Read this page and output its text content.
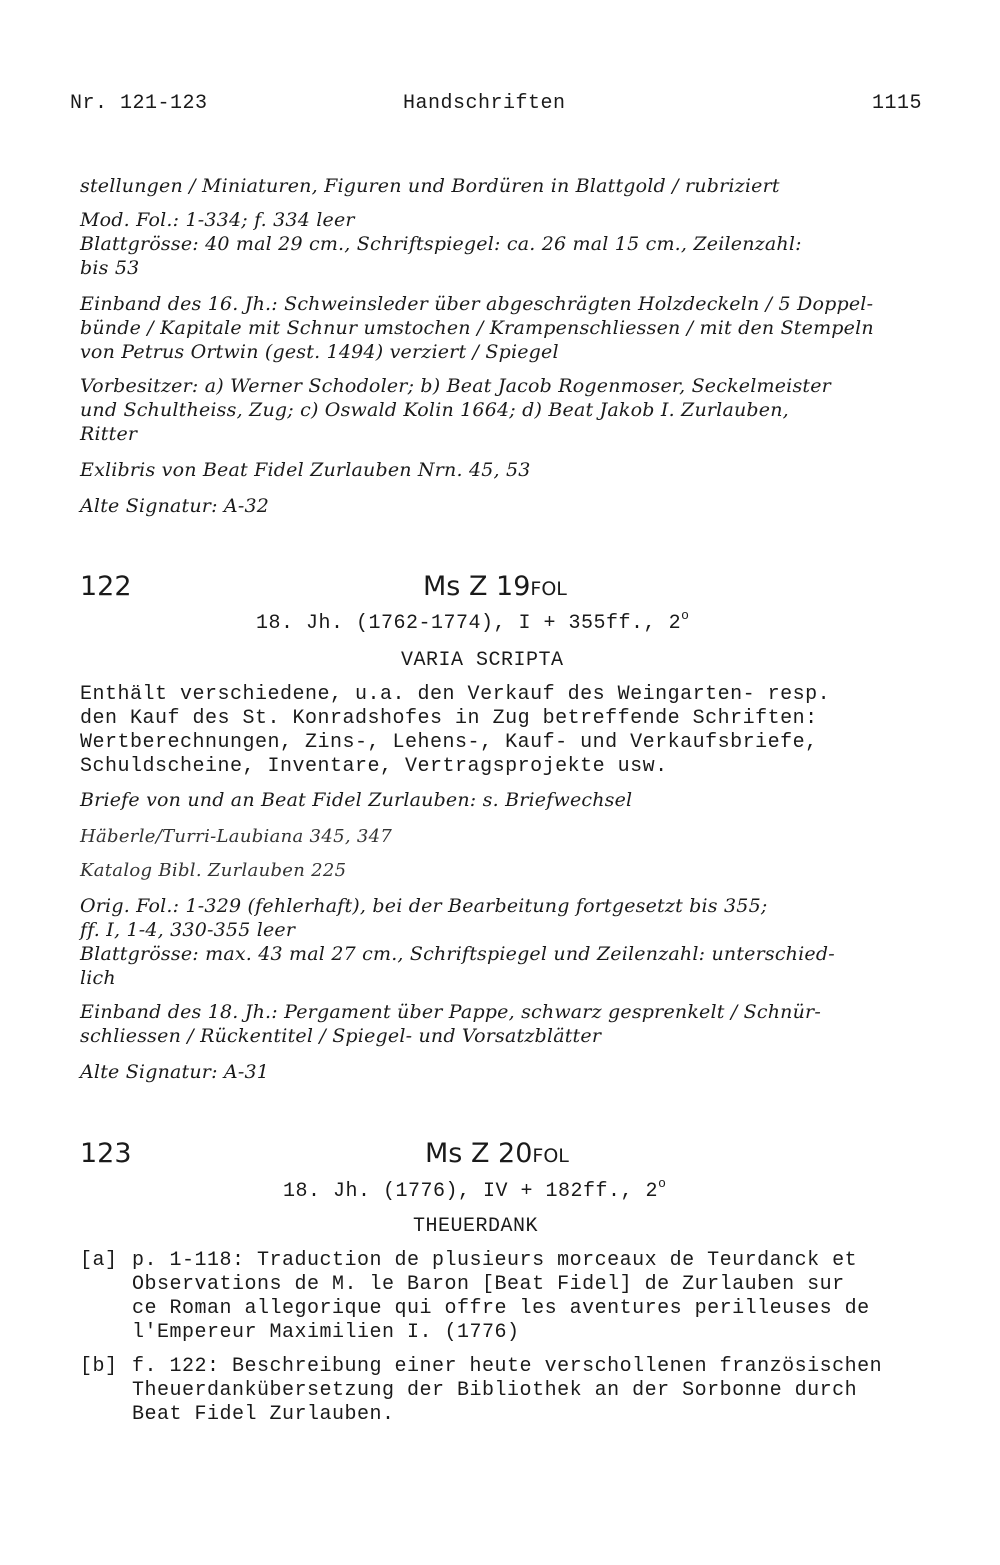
Nr. 121-123	Handschriften	1115

stellungen / Miniaturen, Figuren und Bordüren in Blattgold / rubriziert

Mod. Fol.: 1-334; f. 334 leer

Blattgrösse: 40 mal 29 cm., Schriftspiegel: ca. 26 mal 15 cm., Zeilenzahl:

bis 53

Einband des 16. Jh.: Schweinsleder über abgeschrägten Holzdeckeln / 5 Doppel-

bünde / Kapitale mit Schnur umstochen / Krampenschliessen / mit den Stempeln

von Petrus Ortwin (gest. 1494) verziert / Spiegel

Vorbesitzer: a) Werner Schodoler; b) Beat Jacob Rogenmoser, Seckelmeister

und Schultheiss, Zug; c) Oswald Kolin 1664; d) Beat Jakob I. Zurlauben,

Ritter

Exlibris von Beat Fidel Zurlauben Nrn. 45, 53

Alte Signatur: A-32

122	Ms Z 19FOL
18. Jh. (1762-1774), I + 355ff., 2$^o$
VARIA SCRIPTA

Enthält verschiedene, u.a. den Verkauf des Weingarten- resp.

den Kauf des St. Konradshofes in Zug betreffende Schriften:

Wertberechnungen, Zins-, Lehens-, Kauf- und Verkaufsbriefe,

Schuldscheine, Inventare, Vertragsprojekte usw.

Briefe von und an Beat Fidel Zurlauben: s. Briefwechsel

Häberle/Turri-Laubiana 345, 347

Katalog Bibl. Zurlauben 225

Orig. Fol.: 1-329 (fehlerhaft), bei der Bearbeitung fortgesetzt bis 355;

ff. I, 1-4, 330-355 leer

Blattgrösse: max. 43 mal 27 cm., Schriftspiegel und Zeilenzahl: unterschied-

lich

Einband des 18. Jh.: Pergament über Pappe, schwarz gesprenkelt / Schnür-

schliessen / Rückentitel / Spiegel- und Vorsatzblätter

Alte Signatur: A-31

123	Ms Z 20FOL
18. Jh. (1776), IV + 182ff., 2$^o$
THEUERDANK
[a] p. 1-118: Traduction de plusieurs morceaux de Teurdanck et

Observations de M. le Baron [Beat Fidel] de Zurlauben sur

ce Roman allegorique qui offre les aventures perilleuses de

l'Empereur Maximilien I. (1776)

[b] f. 122: Beschreibung einer heute verschollenen französischen

Theuerdankübersetzung der Bibliothek an der Sorbonne durch

Beat Fidel Zurlauben.
